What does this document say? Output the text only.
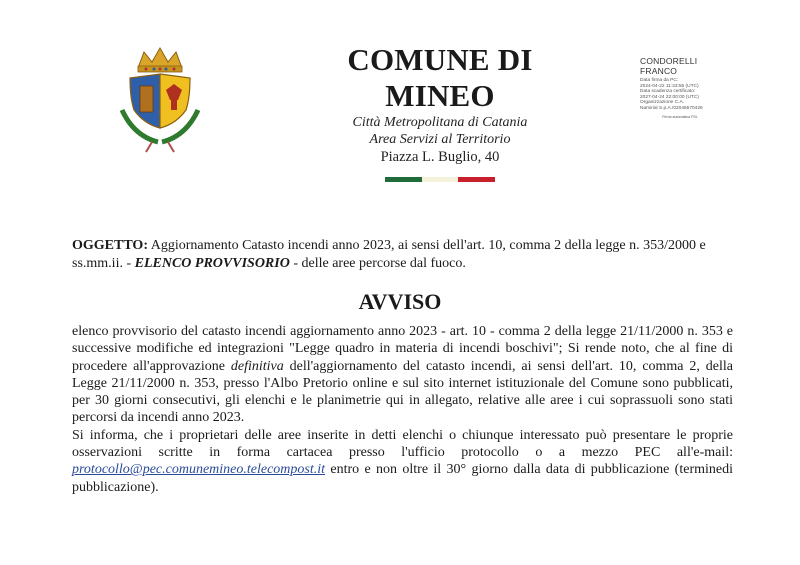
COMUNE DI MINEO
Città Metropolitana di Catania
Area Servizi al Territorio
Piazza L. Buglio, 40
CONDORELLI
FRANCO
Data firma da PC:
2024-04-22 11:33:55 (UTC)
Data scadenza certificato:
2027-04-24 22:00:00 (UTC)
Organizzazione C.A.
Namirial S.p.A./02046570426
Firma automatica FSL
OGGETTO: Aggiornamento Catasto incendi anno 2023, ai sensi dell'art. 10, comma 2 della legge n. 353/2000 e ss.mm.ii. - ELENCO PROVVISORIO - delle aree percorse dal fuoco.
AVVISO

elenco provvisorio del catasto incendi aggiornamento anno 2023 - art. 10 - comma 2 della legge 21/11/2000 n. 353 e successive modifiche ed integrazioni "Legge quadro in materia di incendi boschivi"; Si rende noto, che al fine di procedere all'approvazione definitiva dell'aggiornamento del catasto incendi, ai sensi dell'art. 10, comma 2, della Legge 21/11/2000 n. 353, presso l'Albo Pretorio online e sul sito internet istituzionale del Comune sono pubblicati, per 30 giorni consecutivi, gli elenchi e le planimetrie qui in allegato, relative alle aree i cui soprassuoli sono stati percorsi da incendi anno 2023.

Si informa, che i proprietari delle aree inserite in detti elenchi o chiunque interessato può presentare le proprie osservazioni scritte in forma cartacea presso l'ufficio protocollo o a mezzo PEC all'e-mail: protocollo@pec.comunemineo.telecompost.it entro e non oltre il 30° giorno dalla data di pubblicazione (terminedi pubblicazione).
